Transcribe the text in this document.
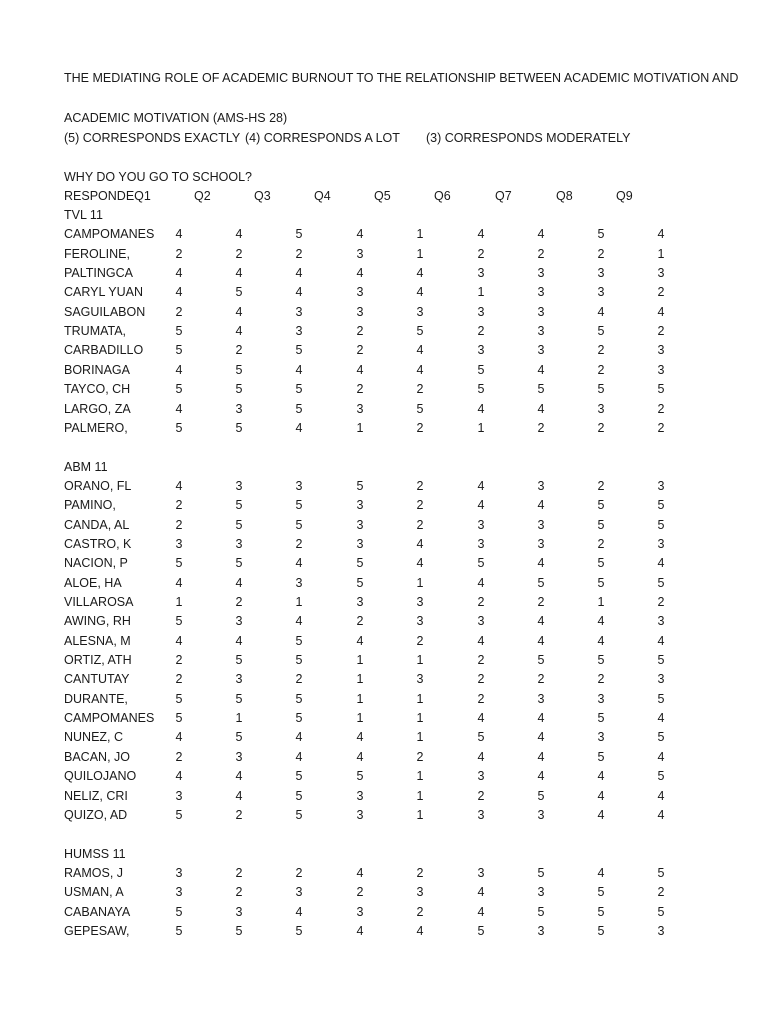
THE MEDIATING ROLE OF ACADEMIC BURNOUT TO THE RELATIONSHIP BETWEEN ACADEMIC MOTIVATION AND
ACADEMIC MOTIVATION (AMS-HS 28)
(5) CORRESPONDS EXACTLY (4) CORRESPONDS A LOT (3) CORRESPONDS MODERATELY
WHY DO YOU GO TO SCHOOL?
RESPONDEQ1	Q2	Q3	Q4	Q5	Q6	Q7	Q8	Q9
TVL 11
CAMPOMANES	4	4	5	4	1	4	4	5	4
FEROLINE,	2	2	2	3	1	2	2	2	1
PALTINGCA	4	4	4	4	4	3	3	3	3
CARYL YUAN	4	5	4	3	4	1	3	3	2
SAGUILABON	2	4	3	3	3	3	3	4	4
TRUMATA,	5	4	3	2	5	2	3	5	2
CARBADILLO	5	2	5	2	4	3	3	2	3
BORINAGA	4	5	4	4	4	5	4	2	3
TAYCO, CH	5	5	5	2	2	5	5	5	5
LARGO, ZA	4	3	5	3	5	4	4	3	2
PALMERO,	5	5	4	1	2	1	2	2	2
ABM 11
ORANO, FL	4	3	3	5	2	4	3	2	3
PAMINO,	2	5	5	3	2	4	4	5	5
CANDA, AL	2	5	5	3	2	3	3	5	5
CASTRO, K	3	3	2	3	4	3	3	2	3
NACION, P	5	5	4	5	4	5	4	5	4
ALOE, HA	4	4	3	5	1	4	5	5	5
VILLAROSA	1	2	1	3	3	2	2	1	2
AWING, RH	5	3	4	2	3	3	4	4	3
ALESNA, M	4	4	5	4	2	4	4	4	4
ORTIZ, ATH	2	5	5	1	1	2	5	5	5
CANTUTAY	2	3	2	1	3	2	2	2	3
DURANTE,	5	5	5	1	1	2	3	3	5
CAMPOMANES	5	1	5	1	1	4	4	5	4
NUNEZ, C	4	5	4	4	1	5	4	3	5
BACAN, JO	2	3	4	4	2	4	4	5	4
QUILOJANO	4	4	5	5	1	3	4	4	5
NELIZ, CRI	3	4	5	3	1	2	5	4	4
QUIZO, AD	5	2	5	3	1	3	3	4	4
HUMSS 11
RAMOS, J	3	2	2	4	2	3	5	4	5
USMAN, A	3	2	3	2	3	4	3	5	2
CABANAYA	5	3	4	3	2	4	5	5	5
GEPESAW,	5	5	5	4	4	5	3	5	3
